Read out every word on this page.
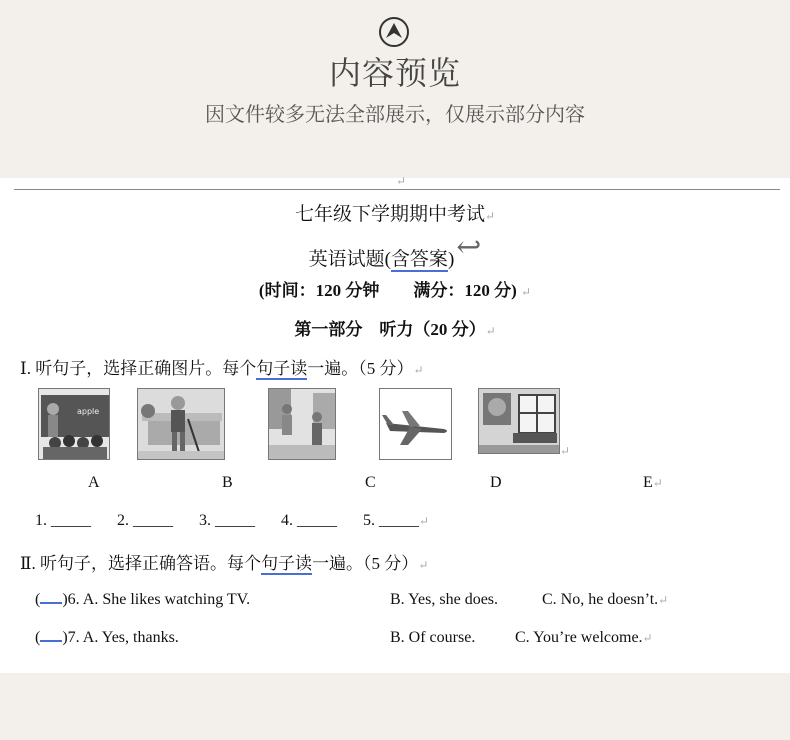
内容预览
因文件较多无法全部展示，仅展示部分内容
↵
七年级下学期期中考试↵
英语试题(含答案)↩
(时间：120 分钟 满分：120 分) ↵
第一部分　听力（20 分）↵
Ⅰ. 听句子，选择正确图片。每个句子读一遍。（5 分）↵
apple
↵
A	B	C	D	E↵
1. _____ 2. _____ 3. _____ 4. _____ 5. _____↵
Ⅱ. 听句子，选择正确答语。每个句子读一遍。（5 分）↵
( )6. A. She likes watching TV.	B. Yes, she does.	C. No, he doesn’t.↵
( )7. A. Yes, thanks.	B. Of course. C. You’re welcome.↵
